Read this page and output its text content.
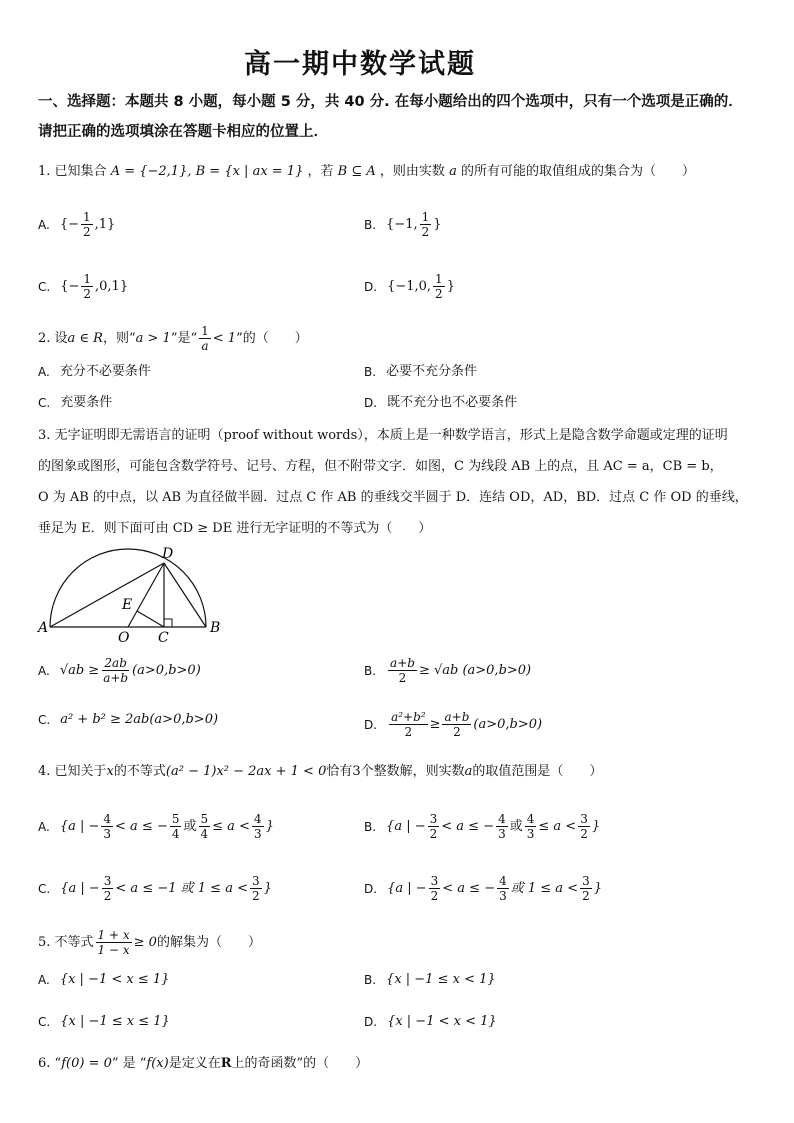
高一期中数学试题
一、选择题：本题共 8 小题，每小题 5 分，共 40 分. 在每小题给出的四个选项中，只有一个选项是正确的．请把正确的选项填涂在答题卡相应的位置上．
1. 已知集合 A = {−2,1}, B = {x | ax = 1} ，若 B ⊆ A ，则由实数 a 的所有可能的取值组成的集合为（　　）
A. {− $\frac{1}{2} ,1$}	B. {−1, $\frac{1}{2}$ }
C. {− $\frac{1}{2} ,0,1$}	D. {−1,0, $\frac{1}{2}$ }
2. 设 a ∈ R ，则“ a > 1 ”是“ $\frac{1}{a} < 1$ ”的（　　）
A. 充分不必要条件	B. 必要不充分条件
C. 充要条件	D. 既不充分也不必要条件
3. 无字证明即无需语言的证明（proof without words），本质上是一种数学语言，形式上是隐含数学命题或定理的证明
的图象或图形，可能包含数学符号、记号、方程，但不附带文字．如图，C 为线段 AB 上的点，且 AC = a，CB = b，
O 为 AB 的中点，以 AB 为直径做半圆．过点 C 作 AB 的垂线交半圆于 D．连结 OD，AD，BD．过点 C 作 OD 的垂线，
垂足为 E．则下面可由 CD ≥ DE 进行无字证明的不等式为（　　）
A	B
C
D
E
O
A. $√ab \ge \frac{2ab}{a+b} (a>0,b>0)$	B. $\frac{a+b}{2} \ge √ab$ (a>0,b>0)
C. a² + b² ≥ 2ab(a>0,b>0)	D. $\frac{\text{a²+b²}}{2} \ge \frac{a+b}{2} (a>0,b>0)$
4. 已知关于 x 的不等式 (a² − 1)x² − 2ax + 1 < 0 恰有3个整数解，则实数 a 的取值范围是（　　）
A. {a | − $\frac{4}{3} < a$ ≤ − $\frac{5}{4}$ 或 $\frac{5}{4} \le a < \frac{4}{3}$ }	B. {a | − $\frac{3}{2} < a$ ≤ − $\frac{4}{3}$ 或 $\frac{4}{3} \le a < \frac{3}{2}$ }
C. {a | − $\frac{3}{2} < a \le -1$ 或 $1 \le a < \frac{3}{2}$ }	D. {a | − $\frac{3}{2} < a$ ≤ − $\frac{4}{3}$ 或 $1 \le a < \frac{3}{2}$ }
5. 不等式 $\frac{1 + x}{1 - x} \ge 0$ 的解集为（　　）
A. {x | −1 < x ≤ 1}	B. {x | −1 ≤ x < 1}
C. {x | −1 ≤ x ≤ 1}	D. {x | −1 < x < 1}
6. “ f(0) = 0 ” 是 “ f(x) 是定义在 R 上的奇函数”的（　　）
